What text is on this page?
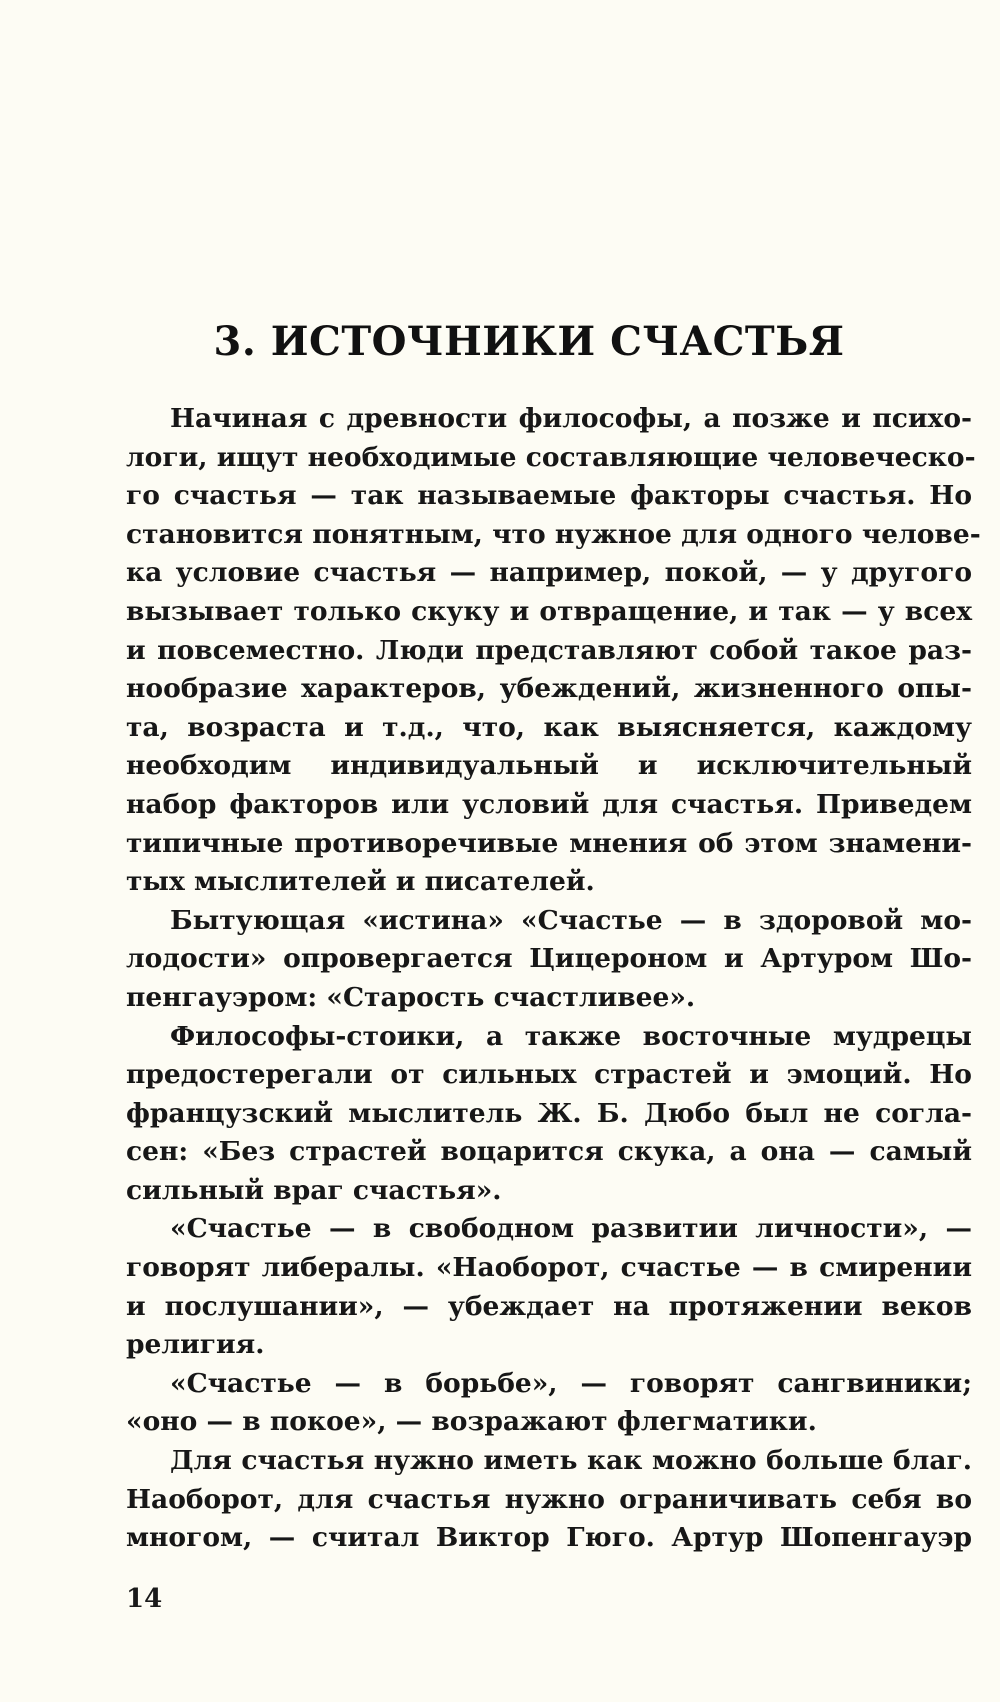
3. ИСТОЧНИКИ СЧАСТЬЯ
Начиная с древности философы, а позже и психо-
логи, ищут необходимые составляющие человеческо-
го счастья — так называемые факторы счастья. Но
становится понятным, что нужное для одного челове-
ка условие счастья — например, покой, — у другого
вызывает только скуку и отвращение, и так — у всех
и повсеместно. Люди представляют собой такое раз-
нообразие характеров, убеждений, жизненного опы-
та, возраста и т.д., что, как выясняется, каждому
необходим индивидуальный и исключительный
набор факторов или условий для счастья. Приведем
типичные противоречивые мнения об этом знамени-
тых мыслителей и писателей.
Бытующая «истина» «Счастье — в здоровой мо-
лодости» опровергается Цицероном и Артуром Шо-
пенгауэром: «Старость счастливее».
Философы-стоики, а также восточные мудрецы
предостерегали от сильных страстей и эмоций. Но
французский мыслитель Ж. Б. Дюбо был не согла-
сен: «Без страстей воцарится скука, а она — самый
сильный враг счастья».
«Счастье — в свободном развитии личности», —
говорят либералы. «Наоборот, счастье — в смирении
и послушании», — убеждает на протяжении веков
религия.
«Счастье — в борьбе», — говорят сангвиники;
«оно — в покое», — возражают флегматики.
Для счастья нужно иметь как можно больше благ.
Наоборот, для счастья нужно ограничивать себя во
многом, — считал Виктор Гюго. Артур Шопенгауэр
14
